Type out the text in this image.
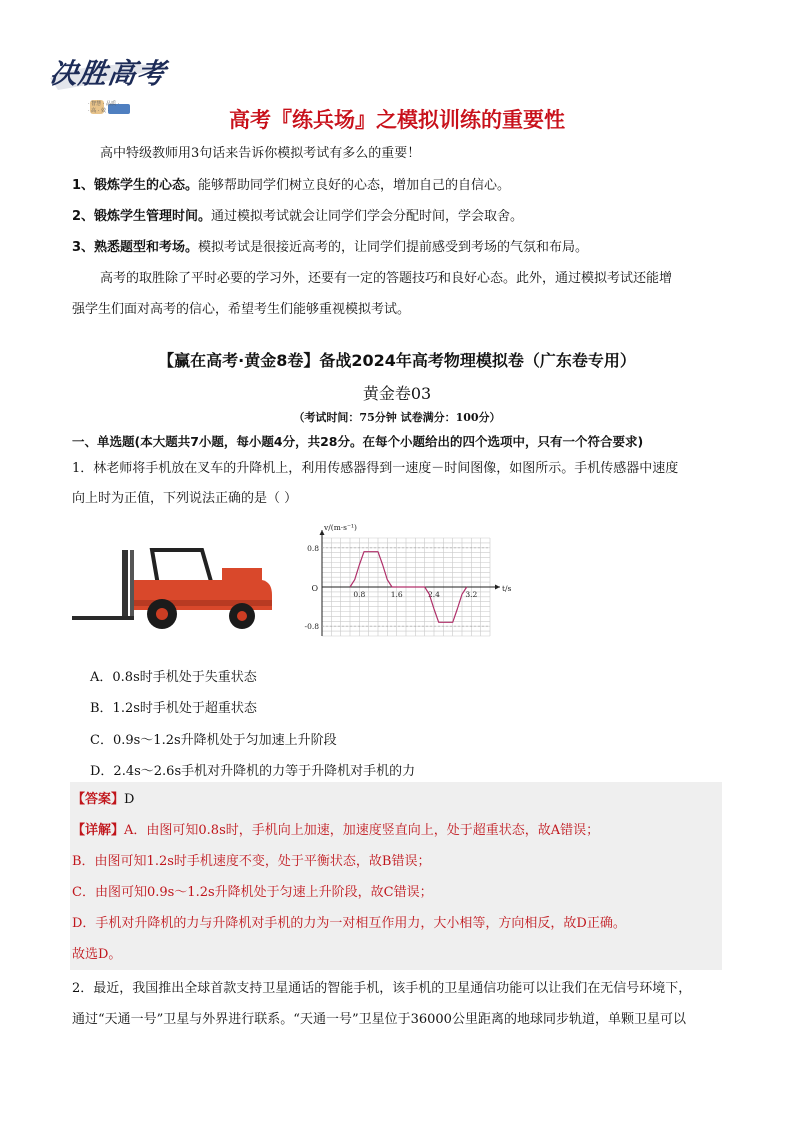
决胜高考
· 智慧 · 品质 ·
· 高 · 效 ·	高考『练兵场』之模拟训练的重要性
高中特级教师用3句话来告诉你模拟考试有多么的重要！
1、锻炼学生的心态。能够帮助同学们树立良好的心态，增加自己的自信心。
2、锻炼学生管理时间。通过模拟考试就会让同学们学会分配时间，学会取舍。
3、熟悉题型和考场。模拟考试是很接近高考的，让同学们提前感受到考场的气氛和布局。
高考的取胜除了平时必要的学习外，还要有一定的答题技巧和良好心态。此外，通过模拟考试还能增
强学生们面对高考的信心，希望考生们能够重视模拟考试。
【赢在高考·黄金8卷】备战2024年高考物理模拟卷（广东卷专用）
黄金卷03
（考试时间：75分钟 试卷满分：100分）
一、单选题(本大题共7小题，每小题4分，共28分。在每个小题给出的四个选项中，只有一个符合要求)
1．林老师将手机放在叉车的升降机上，利用传感器得到一速度－时间图像，如图所示。手机传感器中速度
向上时为正值，下列说法正确的是（ ）
v/(m·s⁻¹)
t/s
O
0.8	1.6	2.4	3.2
0.8
-0.8
A．0.8s时手机处于失重状态
B．1.2s时手机处于超重状态
C．0.9s～1.2s升降机处于匀加速上升阶段
D．2.4s～2.6s手机对升降机的力等于升降机对手机的力
【答案】D
【详解】A．由图可知0.8s时，手机向上加速，加速度竖直向上，处于超重状态，故A错误；
B．由图可知1.2s时手机速度不变，处于平衡状态，故B错误；
C．由图可知0.9s～1.2s升降机处于匀速上升阶段，故C错误；
D．手机对升降机的力与升降机对手机的力为一对相互作用力，大小相等，方向相反，故D正确。
故选D。
2．最近，我国推出全球首款支持卫星通话的智能手机，该手机的卫星通信功能可以让我们在无信号环境下，
通过“天通一号”卫星与外界进行联系。“天通一号”卫星位于36000公里距离的地球同步轨道，单颗卫星可以
